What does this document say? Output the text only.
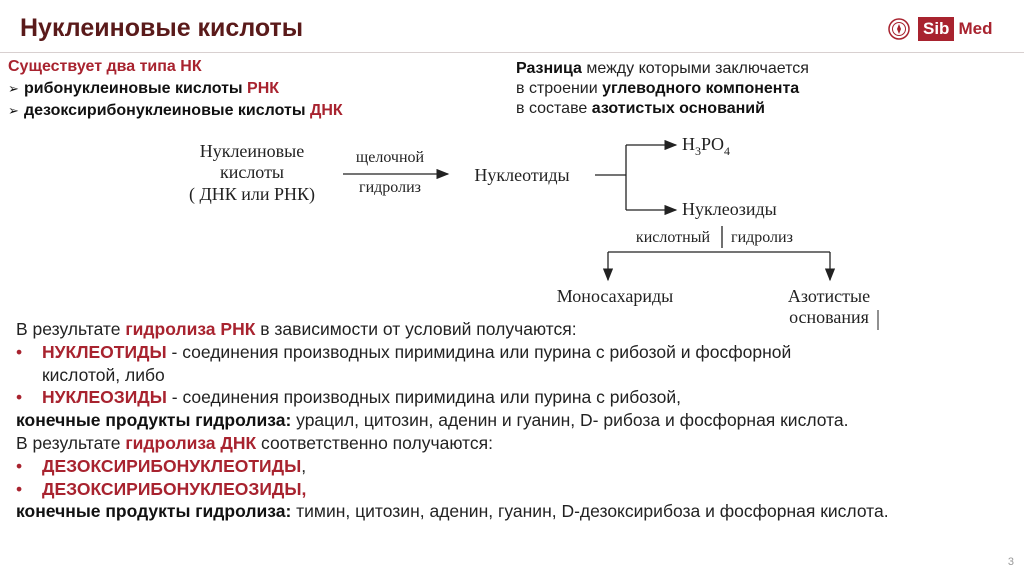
Нуклеиновые кислоты	Sib Med
Существует два типа НК
➢ рибонуклеиновые кислоты РНК
➢ дезоксирибонуклеиновые кислоты ДНК
Разница между которыми заключается
в строении углеводного компонента
в составе азотистых оснований
Нуклеиновые
кислоты
( ДНК или РНК)
щелочной
гидролиз
Нуклеотиды
$H_3PO_4$
Нуклеозиды
кислотный гидролиз
Моносахариды	Азотистые
основания

В результате гидролиза РНК в зависимости от условий получаются:

• НУКЛЕОТИДЫ - соединения производных пиримидина или пурина с рибозой и фосфорной
кислотой, либо

• НУКЛЕОЗИДЫ - соединения производных пиримидина или пурина с рибозой,

конечные продукты гидролиза: урацил, цитозин, аденин и гуанин, D- рибоза и фосфорная кислота.

В результате гидролиза ДНК соответственно получаются:

• ДЕЗОКСИРИБОНУКЛЕОТИДЫ,

• ДЕЗОКСИРИБОНУКЛЕОЗИДЫ,

конечные продукты гидролиза: тимин, цитозин, аденин, гуанин, D-дезоксирибоза и фосфорная кислота.

3
